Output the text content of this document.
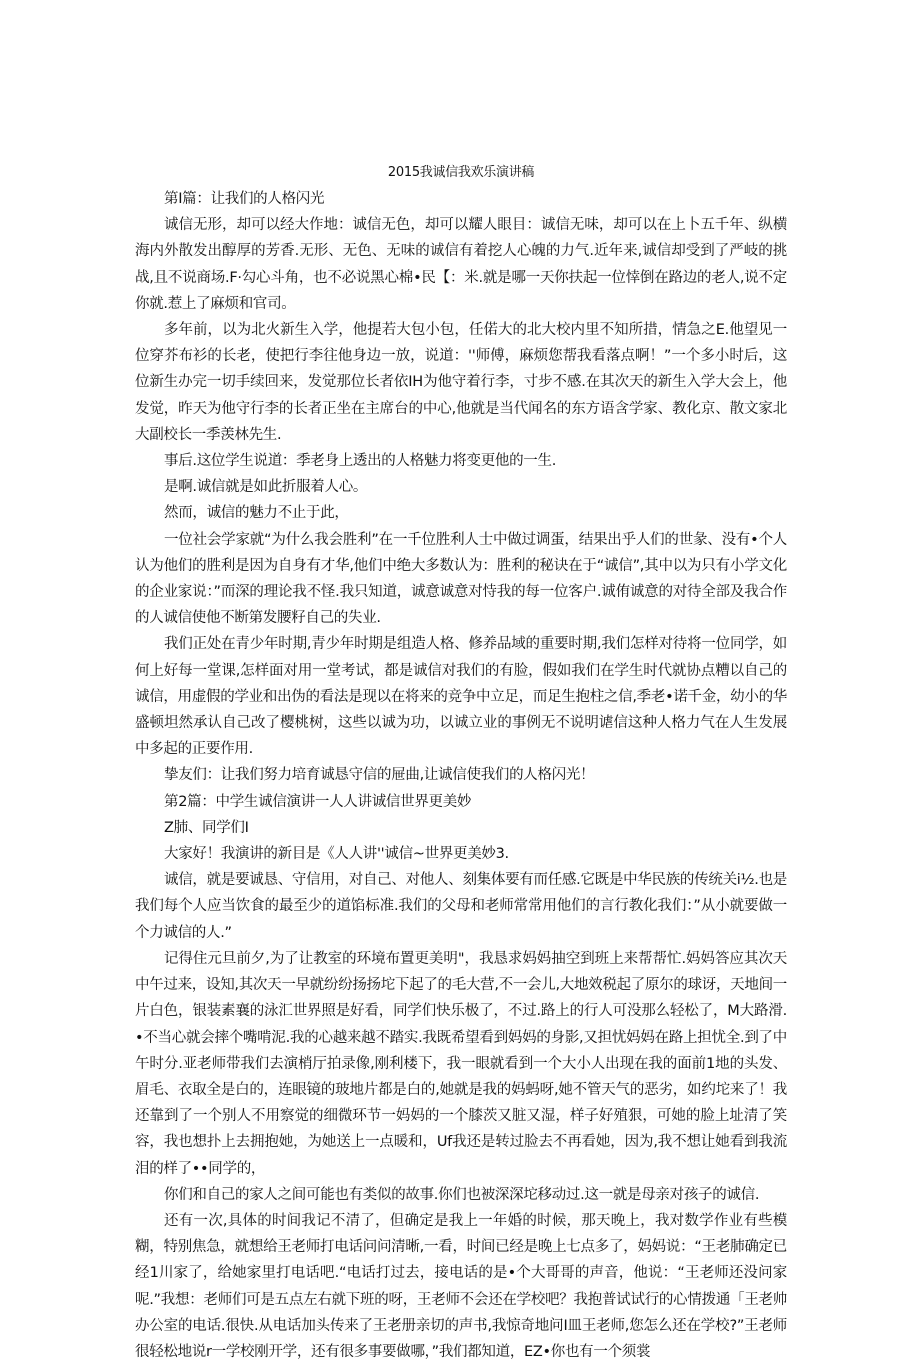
2015我诚信我欢乐演讲稿

第Ⅰ篇：让我们的人格闪光

诚信无形，却可以经大作地：诚信无色，却可以耀人眼目：诚信无味，却可以在上卜五千年、纵横海内外散发出醇厚的芳香.无形、无色、无味的诚信有着挖人心魄的力气.近年来,诚信却受到了严岐的挑战,且不说商场.F·勾心斗角，也不必说黑心棉•民【：米.就是哪一天你扶起一位悻倒在路边的老人,说不定你就.惹上了麻烦和官司。

多年前，以为北火新生入学，他提若大包小包，任偌大的北大校内里不知所措，情急之E.他望见一位穿芥布衫的长老，使把行李往他身边一放，说道：''师傅，麻烦您帮我看落点啊！”一个多小时后，这位新生办完一切手续回来，发觉那位长者依IH为他守着行李，寸步不感.在其次天的新生入学大会上，他发觉，昨天为他守行李的长者正坐在主席台的中心,他就是当代闻名的东方语含学家、教化京、散文家北大副校长一季羡林先生.

事后.这位学生说道：季老身上透出的人格魅力将变更他的一生.

是啊.诚信就是如此折服着人心。

然而，诚信的魅力不止于此，

一位社会学家就“为什么我会胜利”在一千位胜利人士中做过调蛋，结果出乎人们的世彖、没有•个人认为他们的胜利是因为自身有才华,他们中绝大多数认为：胜利的秘诀在于“诚信”,其中以为只有小学文化的企业家说：”而深的理论我不怪.我只知道，诚意诚意对恃我的每一位客户.诚侑诚意的对待全部及我合作的人诚信使他不断第发腰籽自己的失业.

我们正处在青少年时期,青少年时期是组造人格、修养品域的重要时期,我们怎样对待将一位同学，如何上好每一堂课,怎样面对用一堂考试，都是诚信对我们的有脸，假如我们在学生时代就协点糟以自己的诚信，用虚假的学业和出伪的看法是现以在将来的竞争中立足，而足生抱柱之信,季老•诺千金，幼小的华盛顿坦然承认自己改了樱桃树，这些以诚为功，以诚立业的事例无不说明谑信这种人格力气在人生发展中多起的正要作用.

挚友们：让我们努力培育诚恳守信的屉曲,让诚信使我们的人格闪光！

第2篇：中学生诚信演讲一人人讲诚信世界更美妙

Z肺、同学们I

大家好！我演讲的新目是《人人讲''诚信~世界更美妙3.

诚信，就是要诚恳、守信用，对自己、对他人、刻集体要有而任感.它既是中华民族的传统关i½.也是我们每个人应当饮食的最至少的道馅标准.我们的父母和老师常常用他们的言行教化我们：”从小就要做一个力诚信的人.”

记得住元旦前夕,为了让教室的环境布置更美明"，我恳求妈妈抽空到班上来帮帮忙.妈妈答应其次天中午过来，设知,其次天一早就纷纷扬扬坨下起了的毛大营,不一会儿,大地效税起了原尔的球讶，天地间一片白色，银装素襄的泳汇世界照是好看，同学们快乐极了，不过.路上的行人可没那么轻松了，M大路滑.•不当心就会摔个嘴啃泥.我的心越来越不踏实.我既希望看到妈妈的身影,又担忧妈妈在路上担忧全.到了中午时分.亚老师带我们去演梢厅拍录像,刚利楼下，我一眼就看到一个大小人出现在我的面前1地的头发、眉毛、衣取全是白的，连眼镜的玻地片都是白的,她就是我的妈蚂呀,她不管天气的恶劣，如约坨来了！我还靠到了一个别人不用察觉的细微环节一妈妈的一个膝茨又脏又湿，样子好殖狠，可她的脸上址清了笑容，我也想扑上去拥抱她，为她送上一点暖和，Uf我还是转过脸去不再看她，因为,我不想让她看到我流泪的样了••同学的，

你们和自己的家人之间可能也有类似的故事.你们也被深深坨移动过.这一就是母亲对孩子的诚信.

还有一次,具体的时间我记不清了，但确定是我上一年婚的时候，那天晚上，我对数学作业有些模糊，特别焦急，就想给王老师打电话问问清晰,一看，时间已经是晚上七点多了，妈妈说：“王老肺确定已经1川家了，给她家里打电话吧.“电话打过去，接电话的是•个大哥哥的声音，他说：“王老师还没问家呢.”我想：老师们可是五点左右就下班的呀，王老师不会还在学校吧？我抱普试试行的心情拨通「王老帅办公室的电话.很快.从电话加头传来了王老册亲切的声书,我惊奇地问I皿王老师,您怎么还在学校?”王老师很轻松地说r一学校刚开学，还有很多事要做哪，”我们都知道，EZ•你也有一个须裳
